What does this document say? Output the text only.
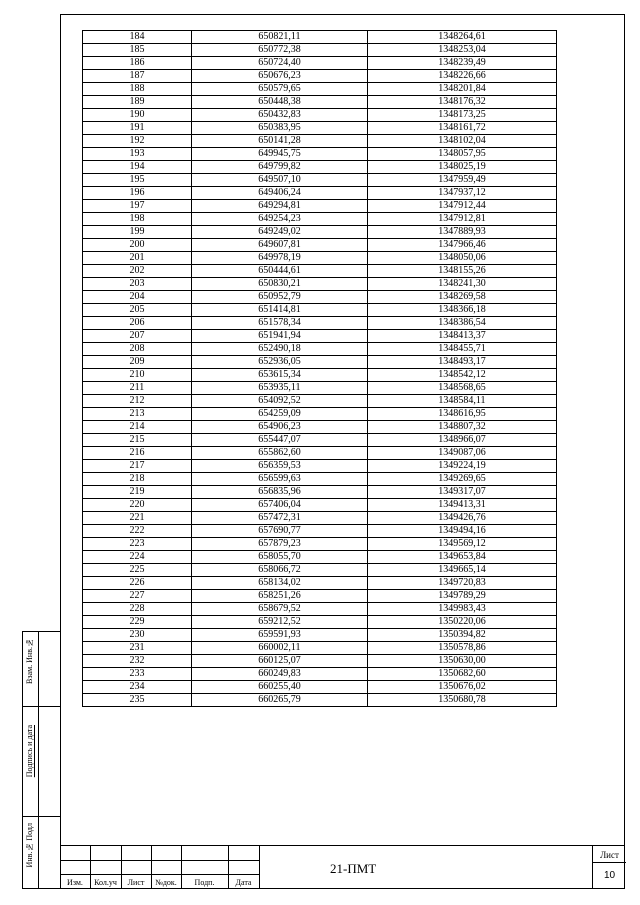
184	650821,11	1348264,61
185	650772,38	1348253,04
186	650724,40	1348239,49
187	650676,23	1348226,66
188	650579,65	1348201,84
189	650448,38	1348176,32
190	650432,83	1348173,25
191	650383,95	1348161,72
192	650141,28	1348102,04
193	649945,75	1348057,95
194	649799,82	1348025,19
195	649507,10	1347959,49
196	649406,24	1347937,12
197	649294,81	1347912,44
198	649254,23	1347912,81
199	649249,02	1347889,93
200	649607,81	1347966,46
201	649978,19	1348050,06
202	650444,61	1348155,26
203	650830,21	1348241,30
204	650952,79	1348269,58
205	651414,81	1348366,18
206	651578,34	1348386,54
207	651941,94	1348413,37
208	652490,18	1348455,71
209	652936,05	1348493,17
210	653615,34	1348542,12
211	653935,11	1348568,65
212	654092,52	1348584,11
213	654259,09	1348616,95
214	654906,23	1348807,32
215	655447,07	1348966,07
216	655862,60	1349087,06
217	656359,53	1349224,19
218	656599,63	1349269,65
219	656835,96	1349317,07
220	657406,04	1349413,31
221	657472,31	1349426,76
222	657690,77	1349494,16
223	657879,23	1349569,12
224	658055,70	1349653,84
225	658066,72	1349665,14
226	658134,02	1349720,83
227	658251,26	1349789,29
228	658679,52	1349983,43
229	659212,52	1350220,06
230	659591,93	1350394,82
231	660002,11	1350578,86
232	660125,07	1350630,00
233	660249,83	1350682,60
234	660255,40	1350676,02
235	660265,79	1350680,78
Взам. Инв.№
Подпись и дата
Инв.№ Подл
Изм.	Кол.уч	Лист	№док.	Подп.	Дата
21-ПМТ
Лист
10
